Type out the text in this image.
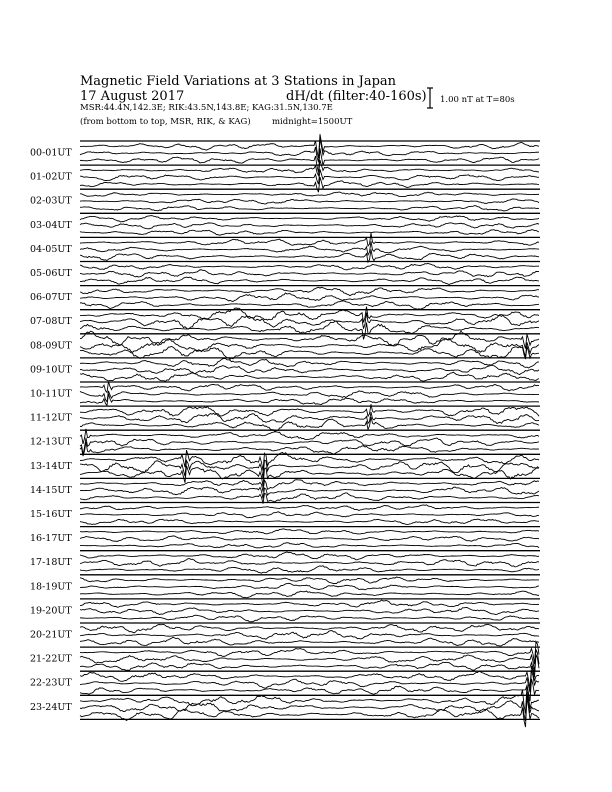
Magnetic Field Variations at 3 Stations in Japan
17 August 2017	dH/dt (filter:40-160s)
MSR:44.4N,142.3E; RIK:43.5N,143.8E; KAG:31.5N,130.7E
(from bottom to top, MSR, RIK, & KAG)	midnight=1500UT
1.00 nT at T=80s
00-01UT
01-02UT
02-03UT
03-04UT
04-05UT
05-06UT
06-07UT
07-08UT
08-09UT
09-10UT
10-11UT
11-12UT
12-13UT
13-14UT
14-15UT
15-16UT
16-17UT
17-18UT
18-19UT
19-20UT
20-21UT
21-22UT
22-23UT
23-24UT
